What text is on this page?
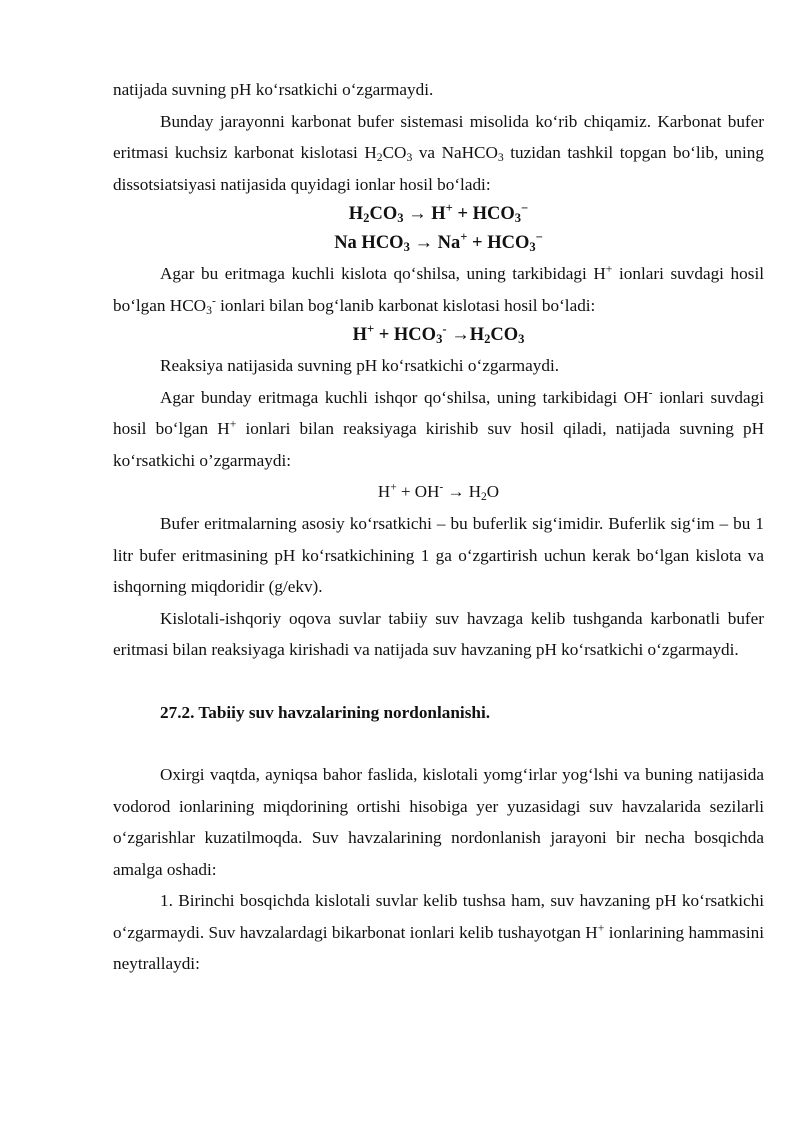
natijada suvning pH ko‘rsatkichi o‘zgarmaydi.

Bunday jarayonni karbonat bufer sistemasi misolida ko‘rib chiqamiz. Karbonat bufer eritmasi kuchsiz karbonat kislotasi $H_2CO_3$ va NaHCO$_3$ tuzidan tashkil topgan bo‘lib, uning dissotsiatsiyasi natijasida quyidagi ionlar hosil bo‘ladi:

$H_2CO_3 \to H^+ + HCO_3^-$

Na $HCO_3 \to Na^+ + HCO_3^-$

Agar bu eritmaga kuchli kislota qo‘shilsa, uning tarkibidagi H+ ionlari suvdagi hosil bo‘lgan $HCO_3^-$ ionlari bilan bog‘lanib karbonat kislotasi hosil bo‘ladi:

$H^+ + HCO_3^- \to H_2CO_3$

Reaksiya natijasida suvning pH ko‘rsatkichi o‘zgarmaydi.

Agar bunday eritmaga kuchli ishqor qo‘shilsa, uning tarkibidagi OH- ionlari suvdagi hosil bo‘lgan H+ ionlari bilan reaksiyaga kirishib suv hosil qiladi, natijada suvning pH ko‘rsatkichi o’zgarmaydi:

$H^+ + OH^- \to H_2O$

Bufer eritmalarning asosiy ko‘rsatkichi – bu buferlik sig‘imidir. Buferlik sig‘im – bu 1 litr bufer eritmasining pH ko‘rsatkichining 1 ga o‘zgartirish uchun kerak bo‘lgan kislota va ishqorning miqdoridir (g/ekv).

Kislotali-ishqoriy oqova suvlar tabiiy suv havzaga kelib tushganda karbonatli bufer eritmasi bilan reaksiyaga kirishadi va natijada suv havzaning pH ko‘rsatkichi o‘zgarmaydi.

27.2. Tabiiy suv havzalarining nordonlanishi.

Oxirgi vaqtda, ayniqsa bahor faslida, kislotali yomg‘irlar yog‘lshi va buning natijasida vodorod ionlarining miqdorining ortishi hisobiga yer yuzasidagi suv havzalarida sezilarli o‘zgarishlar kuzatilmoqda. Suv havzalarining nordonlanish jarayoni bir necha bosqichda amalga oshadi:

1. Birinchi bosqichda kislotali suvlar kelib tushsa ham, suv havzaning pH ko‘rsatkichi o‘zgarmaydi. Suv havzalardagi bikarbonat ionlari kelib tushayotgan H+ ionlarining hammasini neytrallaydi:
